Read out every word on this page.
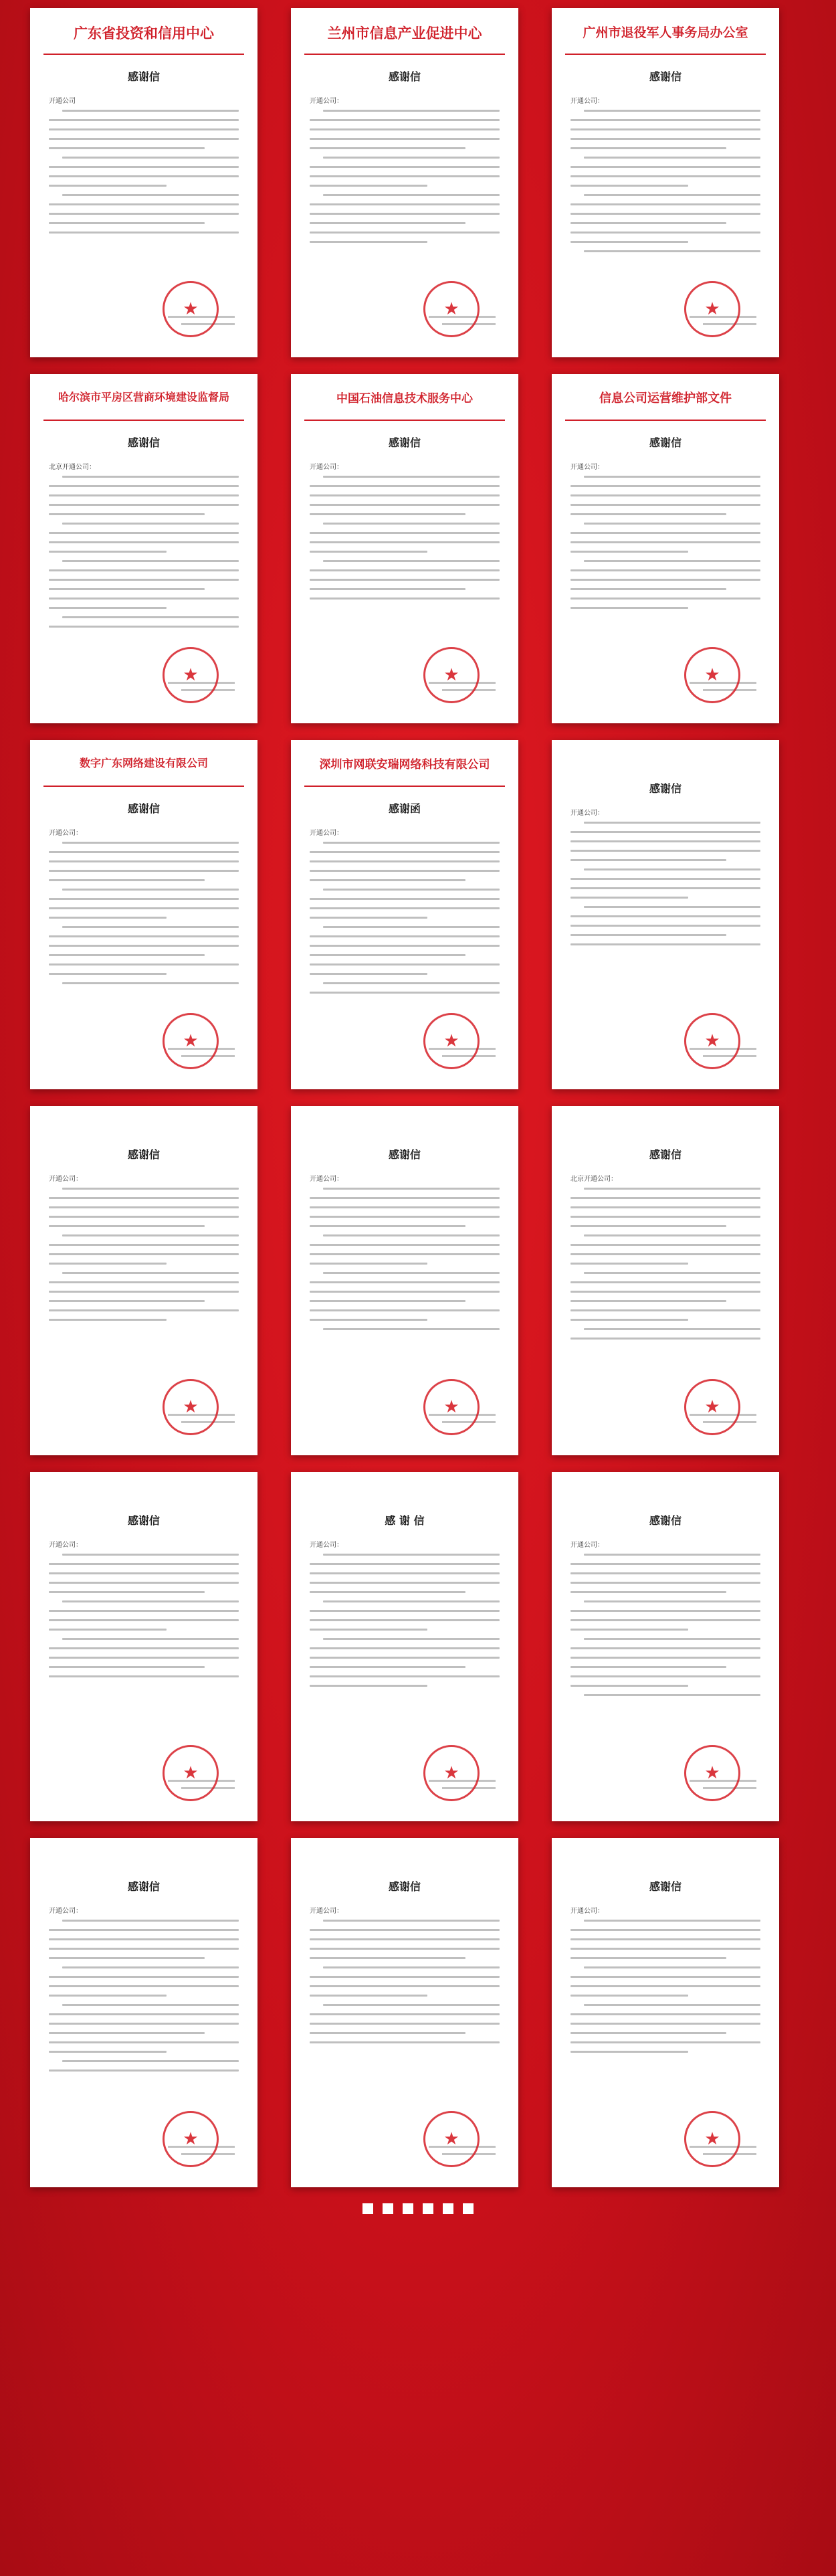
广东省投资和信用中心
感谢信
开通公司
★
兰州市信息产业促进中心
感谢信
开通公司：
★
广州市退役军人事务局办公室
感谢信
开通公司：
★
哈尔滨市平房区营商环境建设监督局
感谢信
北京开通公司：
★
中国石油信息技术服务中心
感谢信
开通公司：
★
信息公司运营维护部文件
感谢信
开通公司：
★
数字广东网络建设有限公司
感谢信
开通公司：
★
深圳市网联安瑞网络科技有限公司
感谢函
开通公司：
★
感谢信
开通公司：
★
感谢信
开通公司：
★
感谢信
开通公司：
★
感谢信
北京开通公司：
★
感谢信
开通公司：
★
感 谢 信
开通公司：
★
感谢信
开通公司：
★
感谢信
开通公司：
★
感谢信
开通公司：
★
感谢信
开通公司：
★
